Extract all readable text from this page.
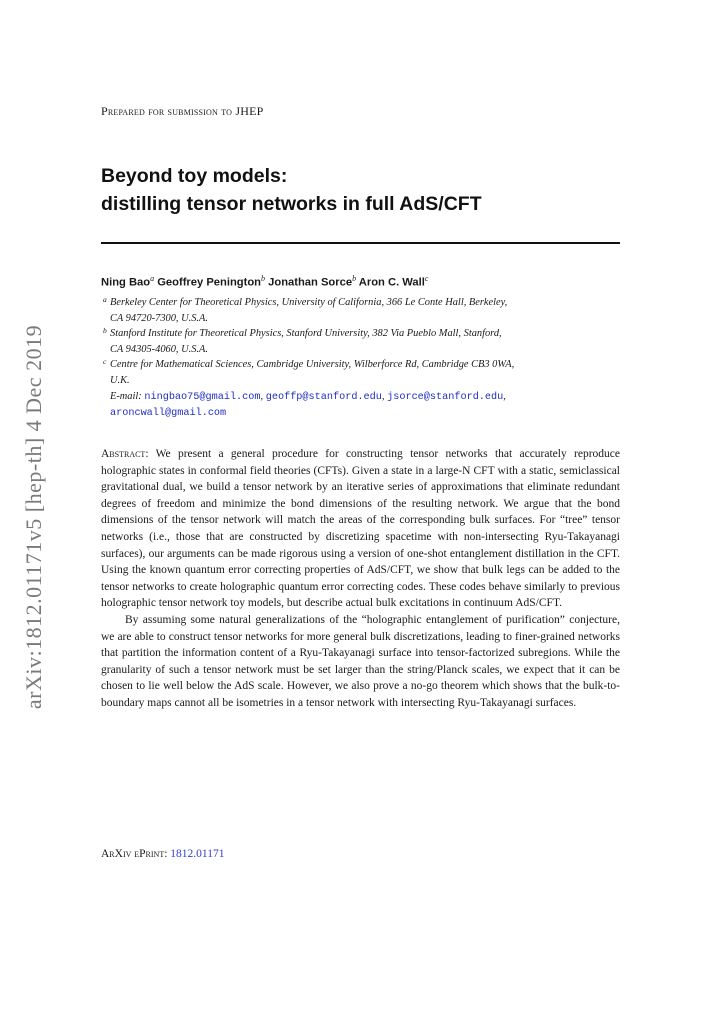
arXiv:1812.01171v5 [hep-th] 4 Dec 2019
Prepared for submission to JHEP
Beyond toy models:
distilling tensor networks in full AdS/CFT
Ning Bao$^a$ Geoffrey Penington$^b$ Jonathan Sorce$^b$ Aron C. Wall$^c$
a Berkeley Center for Theoretical Physics, University of California, 366 Le Conte Hall, Berkeley,
CA 94720-7300, U.S.A.
b Stanford Institute for Theoretical Physics, Stanford University, 382 Via Pueblo Mall, Stanford,
CA 94305-4060, U.S.A.
c Centre for Mathematical Sciences, Cambridge University, Wilberforce Rd, Cambridge CB3 0WA,
U.K.
E-mail: ningbao75@gmail.com, geoffp@stanford.edu, jsorce@stanford.edu,
aroncwall@gmail.com

Abstract: We present a general procedure for constructing tensor networks that accurately reproduce holographic states in conformal field theories (CFTs). Given a state in a large-N CFT with a static, semiclassical gravitational dual, we build a tensor network by an iterative series of approximations that eliminate redundant degrees of freedom and minimize the bond dimensions of the resulting network. We argue that the bond dimensions of the tensor network will match the areas of the corresponding bulk surfaces. For “tree” tensor networks (i.e., those that are constructed by discretizing spacetime with non-intersecting Ryu-Takayanagi surfaces), our arguments can be made rigorous using a version of one-shot entanglement distillation in the CFT. Using the known quantum error correcting properties of AdS/CFT, we show that bulk legs can be added to the tensor networks to create holographic quantum error correcting codes. These codes behave similarly to previous holographic tensor network toy models, but describe actual bulk excitations in continuum AdS/CFT.

By assuming some natural generalizations of the “holographic entanglement of purification” conjecture, we are able to construct tensor networks for more general bulk discretizations, leading to finer-grained networks that partition the information content of a Ryu-Takayanagi surface into tensor-factorized subregions. While the granularity of such a tensor network must be set larger than the string/Planck scales, we expect that it can be chosen to lie well below the AdS scale. However, we also prove a no-go theorem which shows that the bulk-to-boundary maps cannot all be isometries in a tensor network with intersecting Ryu-Takayanagi surfaces.

ArXiv ePrint: 1812.01171
